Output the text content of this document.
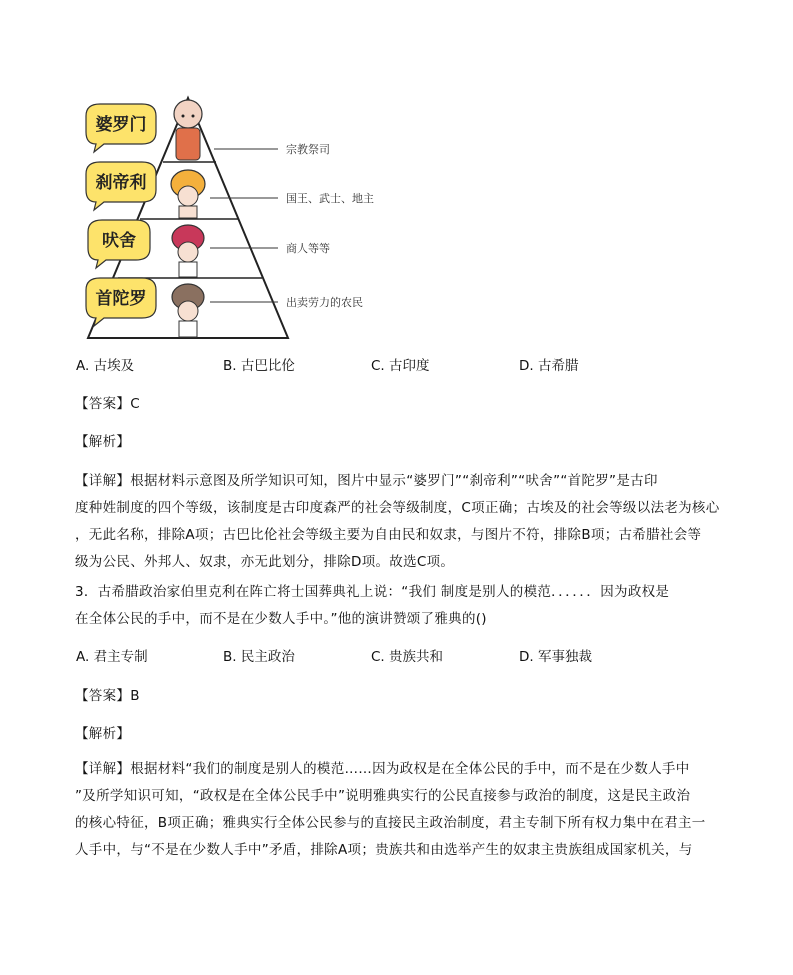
婆罗门
刹帝利
吠舍
首陀罗
宗教祭司
国王、武士、地主
商人等等
出卖劳力的农民
A. 古埃及	B. 古巴比伦	C. 古印度	D. 古希腊
【答案】C
【解析】
【详解】根据材料示意图及所学知识可知，图片中显示“婆罗门”“刹帝利”“吠舍”“首陀罗”是古印
度种姓制度的四个等级，该制度是古印度森严的社会等级制度，C项正确；古埃及的社会等级以法老为核心
，无此名称，排除A项；古巴比伦社会等级主要为自由民和奴隶，与图片不符，排除B项；古希腊社会等
级为公民、外邦人、奴隶，亦无此划分，排除D项。故选C项。
3．古希腊政治家伯里克利在阵亡将士国葬典礼上说：“我们 制度是别人的模范．．．．．．因为政权是
在全体公民的手中，而不是在少数人手中。”他的演讲赞颂了雅典的()
A. 君主专制	B. 民主政治	C. 贵族共和	D. 军事独裁
【答案】B
【解析】
【详解】根据材料“我们的制度是别人的模范……因为政权是在全体公民的手中，而不是在少数人手中
”及所学知识可知，“政权是在全体公民手中”说明雅典实行的公民直接参与政治的制度，这是民主政治
的核心特征，B项正确；雅典实行全体公民参与的直接民主政治制度，君主专制下所有权力集中在君主一
人手中，与“不是在少数人手中”矛盾，排除A项；贵族共和由选举产生的奴隶主贵族组成国家机关，与
